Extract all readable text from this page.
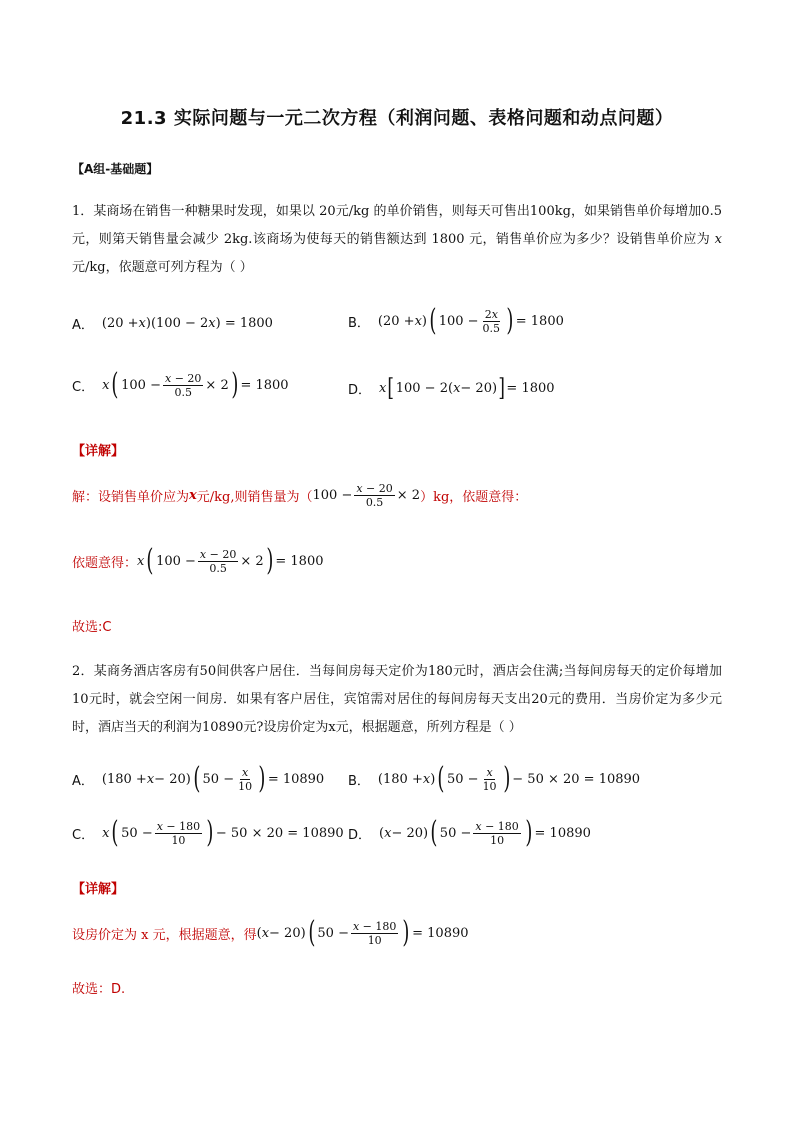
21.3 实际问题与一元二次方程（利润问题、表格问题和动点问题）
【A组-基础题】
1．某商场在销售一种糖果时发现，如果以 20元/kg 的单价销售，则每天可售出100kg，如果销售单价每增加0.5元，则第天销售量会减少 2kg.该商场为使每天的销售额达到 1800 元，销售单价应为多少？设销售单价应为 x元/kg，依题意可列方程为（ ）
A． (20 + x )(100 − 2 x ) = 1800	B． (20 + x ) ( $100 - \frac{2x}{0.5}$ ) = 1800
C． x ( $100 - \frac{x - 20}{0.5} \times 2$ ) = 1800	D． x [ 100 − 2( x − 20) ] = 1800
【详解】
解：设销售单价应为 x 元/kg,则销售量为（ $100 - \frac{x - 20}{0.5} \times 2$ ）kg，依题意得：
依题意得： x ( $100 - \frac{x - 20}{0.5} \times 2$ ) = 1800
故选:C
2．某商务酒店客房有50间供客户居住．当每间房每天定价为180元时，酒店会住满;当每间房每天的定价每增加10元时，就会空闲一间房．如果有客户居住，宾馆需对居住的每间房每天支出20元的费用．当房价定为多少元时，酒店当天的利润为10890元?设房价定为x元，根据题意，所列方程是（ ）
A． (180 + x − 20) ( $50 - \frac{x}{10}$ ) = 10890 B． (180 + x ) ( $50 - \frac{x}{10}$ ) − 50 × 20 = 10890
C． x ( $50 - \frac{x - 180}{10}$ ) − 50 × 20 = 10890 D． ( x − 20) ( $50 - \frac{x - 180}{10}$ ) = 10890
【详解】
设房价定为 x 元，根据题意，得 ( x − 20) ( $50 - \frac{x - 180}{10}$ ) = 10890
故选：D.
